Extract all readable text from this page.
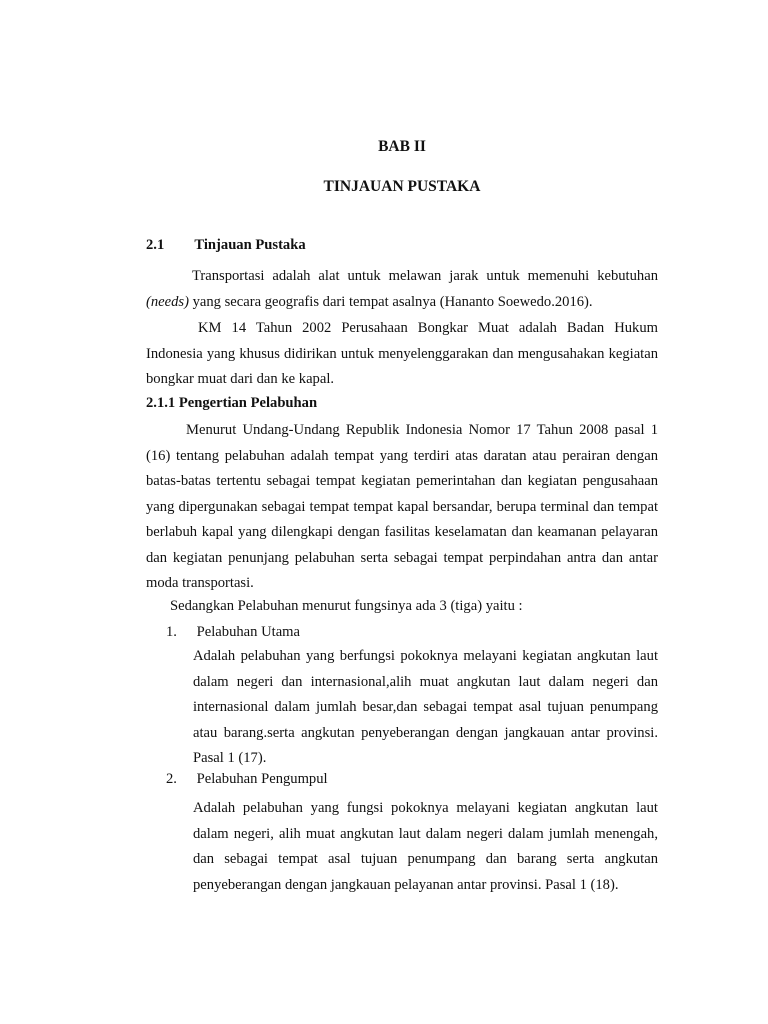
BAB II
TINJAUAN PUSTAKA
2.1 Tinjauan Pustaka
Transportasi adalah alat untuk melawan jarak untuk memenuhi kebutuhan (needs) yang secara geografis dari tempat asalnya (Hananto Soewedo.2016).
KM 14 Tahun 2002 Perusahaan Bongkar Muat adalah Badan Hukum Indonesia yang khusus didirikan untuk menyelenggarakan dan mengusahakan kegiatan bongkar muat dari dan ke kapal.
2.1.1 Pengertian Pelabuhan
Menurut Undang-Undang Republik Indonesia Nomor 17 Tahun 2008 pasal 1 (16) tentang pelabuhan adalah tempat yang terdiri atas daratan atau perairan dengan batas-batas tertentu sebagai tempat kegiatan pemerintahan dan kegiatan pengusahaan yang dipergunakan sebagai tempat tempat kapal bersandar, berupa terminal dan tempat berlabuh kapal yang dilengkapi dengan fasilitas keselamatan dan keamanan pelayaran dan kegiatan penunjang pelabuhan serta sebagai tempat perpindahan antra dan antar moda transportasi.
Sedangkan Pelabuhan menurut fungsinya ada 3 (tiga) yaitu :
1. Pelabuhan Utama
Adalah pelabuhan yang berfungsi pokoknya melayani kegiatan angkutan laut dalam negeri dan internasional,alih muat angkutan laut dalam negeri dan internasional dalam jumlah besar,dan sebagai tempat asal tujuan penumpang atau barang.serta angkutan penyeberangan dengan jangkauan antar provinsi. Pasal 1 (17).
2. Pelabuhan Pengumpul
Adalah pelabuhan yang fungsi pokoknya melayani kegiatan angkutan laut dalam negeri, alih muat angkutan laut dalam negeri dalam jumlah menengah, dan sebagai tempat asal tujuan penumpang dan barang serta angkutan penyeberangan dengan jangkauan pelayanan antar provinsi. Pasal 1 (18).
